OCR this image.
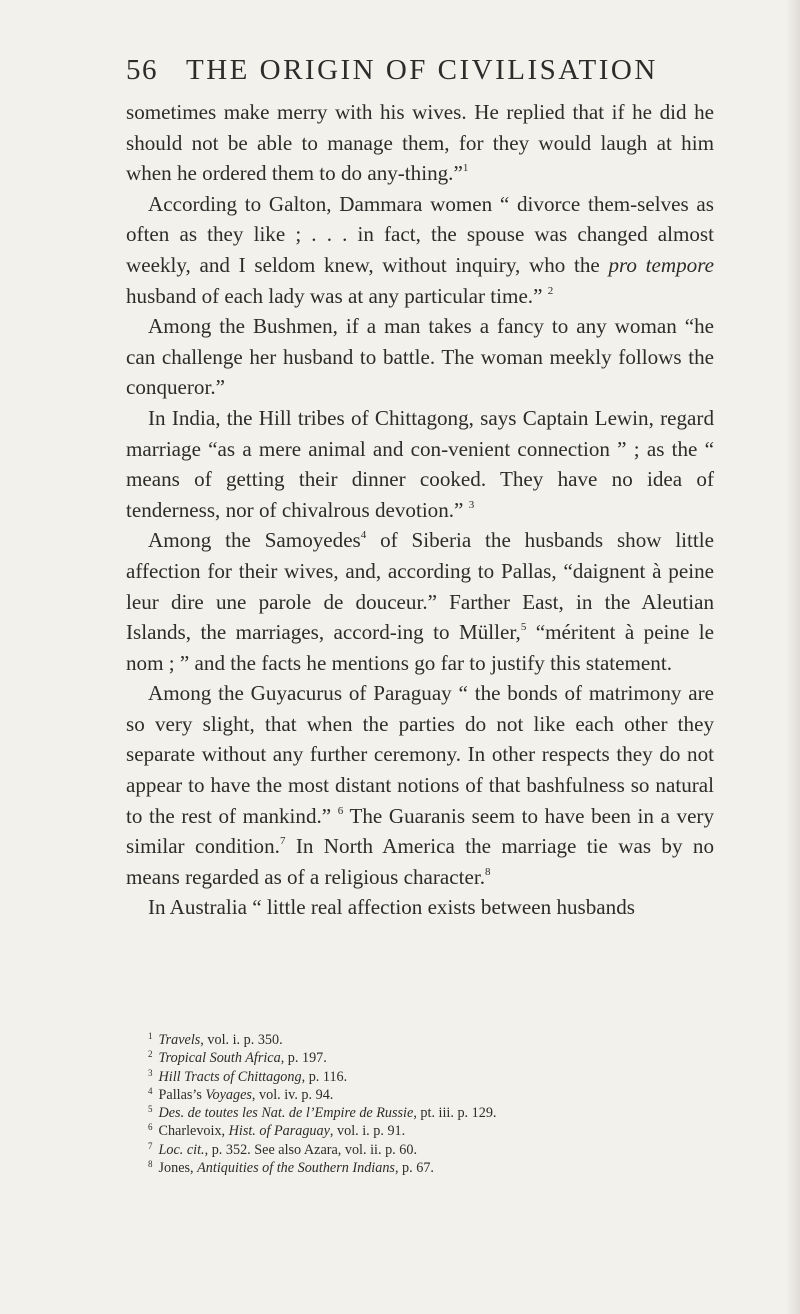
56 THE ORIGIN OF CIVILISATION

sometimes make merry with his wives. He replied that if he did he should not be able to manage them, for they would laugh at him when he ordered them to do any-thing.”$^1$

According to Galton, Dammara women “ divorce them-selves as often as they like ; . . . in fact, the spouse was changed almost weekly, and I seldom knew, without inquiry, who the pro tempore husband of each lady was at any particular time.” $^2$

Among the Bushmen, if a man takes a fancy to any woman “he can challenge her husband to battle. The woman meekly follows the conqueror.”

In India, the Hill tribes of Chittagong, says Captain Lewin, regard marriage “as a mere animal and con-venient connection ” ; as the “ means of getting their dinner cooked. They have no idea of tenderness, nor of chivalrous devotion.” $^3$

Among the Samoyedes$^4$ of Siberia the husbands show little affection for their wives, and, according to Pallas, “daignent à peine leur dire une parole de douceur.” Farther East, in the Aleutian Islands, the marriages, accord-ing to Müller,$^5$ “méritent à peine le nom ; ” and the facts he mentions go far to justify this statement.

Among the Guyacurus of Paraguay “ the bonds of matrimony are so very slight, that when the parties do not like each other they separate without any further ceremony. In other respects they do not appear to have the most distant notions of that bashfulness so natural to the rest of mankind.” $^6$ The Guaranis seem to have been in a very similar condition.$^7$ In North America the marriage tie was by no means regarded as of a religious character.$^8$

In Australia “ little real affection exists between husbands

$^1$ Travels, vol. i. p. 350.
$^2$ Tropical South Africa, p. 197.
$^3$ Hill Tracts of Chittagong, p. 116.
$^4$ Pallas’s Voyages, vol. iv. p. 94.
$^5$ Des. de toutes les Nat. de l’Empire de Russie, pt. iii. p. 129.
$^6$ Charlevoix, Hist. of Paraguay, vol. i. p. 91.
$^7$ Loc. cit., p. 352. See also Azara, vol. ii. p. 60.
$^8$ Jones, Antiquities of the Southern Indians, p. 67.
